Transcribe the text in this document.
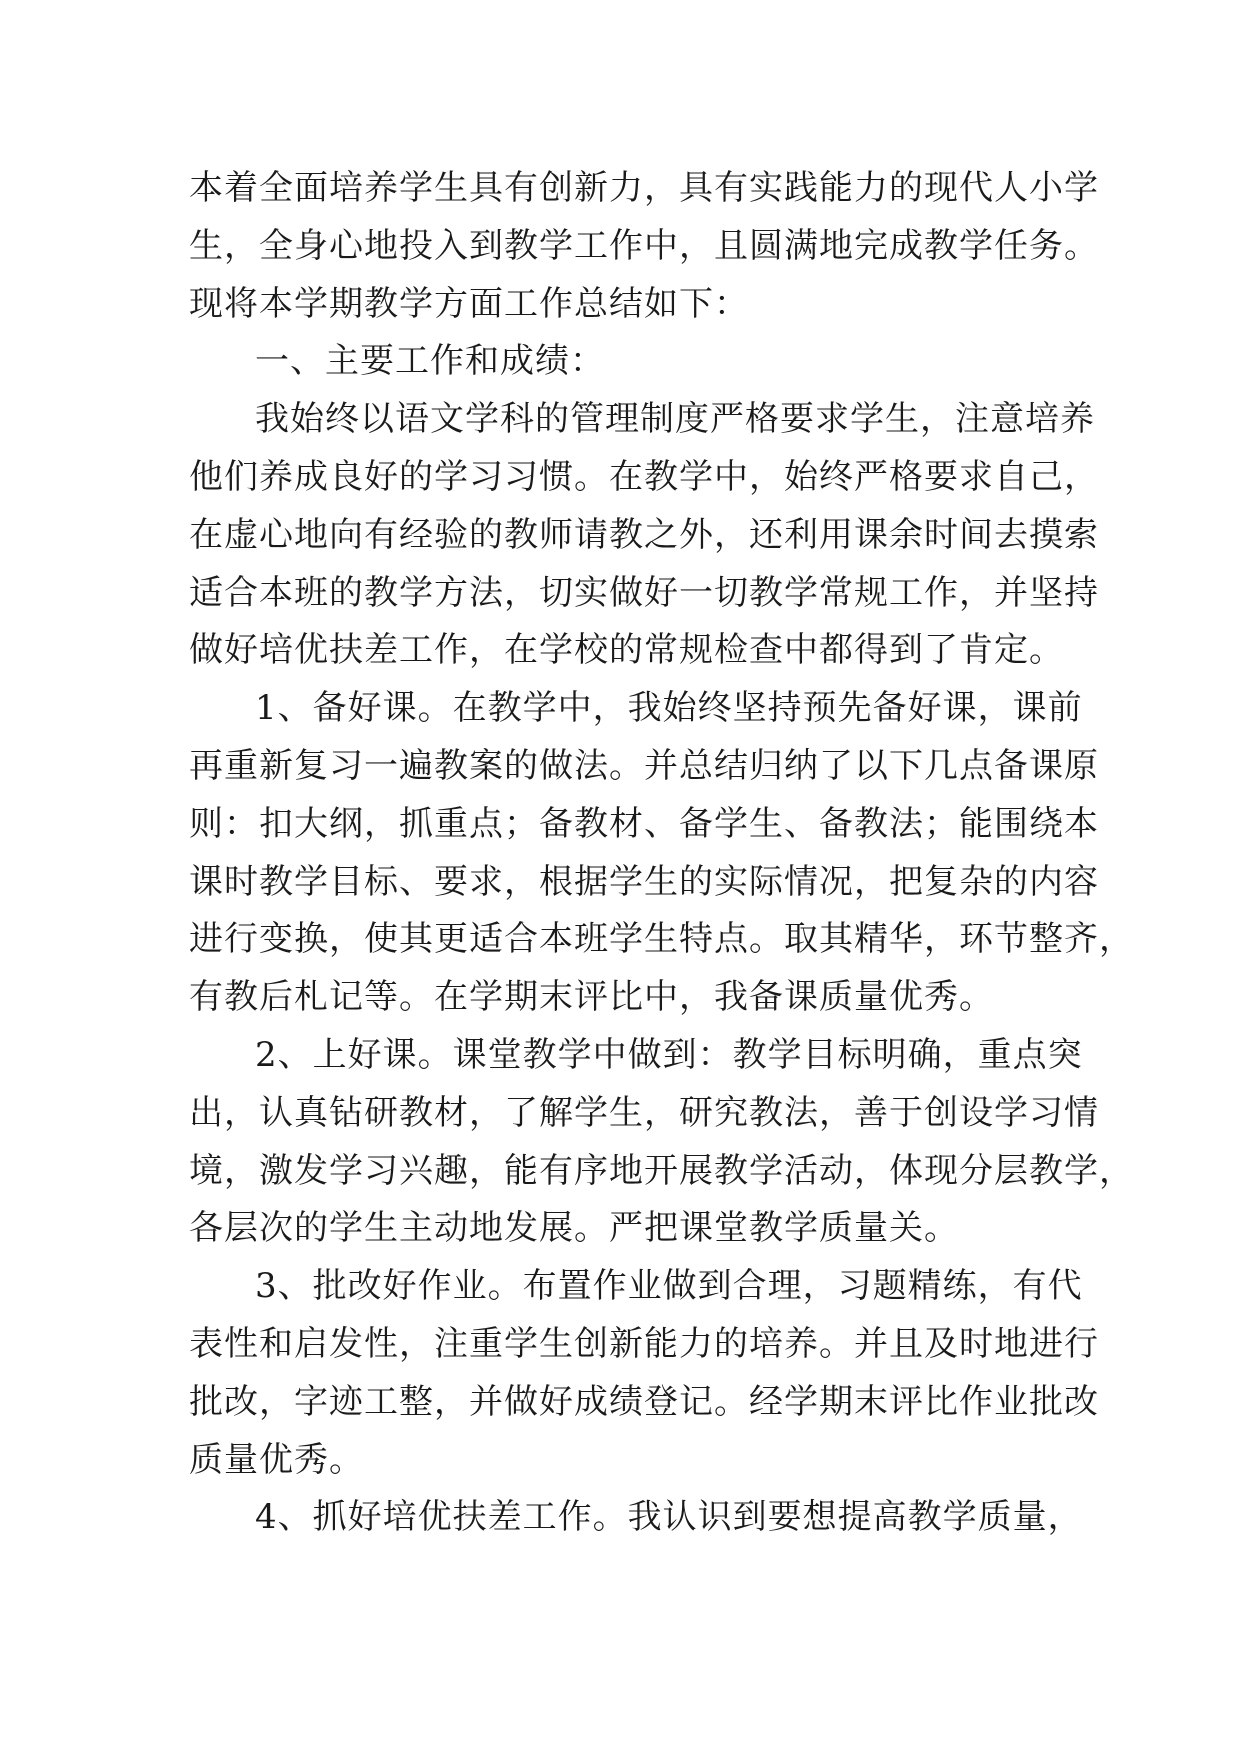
本着全面培养学生具有创新力，具有实践能力的现代人小学
生，全身心地投入到教学工作中，且圆满地完成教学任务。
现将本学期教学方面工作总结如下：
一、主要工作和成绩：
我始终以语文学科的管理制度严格要求学生，注意培养
他们养成良好的学习习惯。在教学中，始终严格要求自己，
在虚心地向有经验的教师请教之外，还利用课余时间去摸索
适合本班的教学方法，切实做好一切教学常规工作，并坚持
做好培优扶差工作，在学校的常规检查中都得到了肯定。
1、备好课。在教学中，我始终坚持预先备好课，课前
再重新复习一遍教案的做法。并总结归纳了以下几点备课原
则：扣大纲，抓重点；备教材、备学生、备教法；能围绕本
课时教学目标、要求，根据学生的实际情况，把复杂的内容
进行变换，使其更适合本班学生特点。取其精华，环节整齐，
有教后札记等。在学期末评比中，我备课质量优秀。
2、上好课。课堂教学中做到：教学目标明确，重点突
出，认真钻研教材，了解学生，研究教法，善于创设学习情
境，激发学习兴趣，能有序地开展教学活动，体现分层教学，
各层次的学生主动地发展。严把课堂教学质量关。
3、批改好作业。布置作业做到合理，习题精练，有代
表性和启发性，注重学生创新能力的培养。并且及时地进行
批改，字迹工整，并做好成绩登记。经学期末评比作业批改
质量优秀。
4、抓好培优扶差工作。我认识到要想提高教学质量，
